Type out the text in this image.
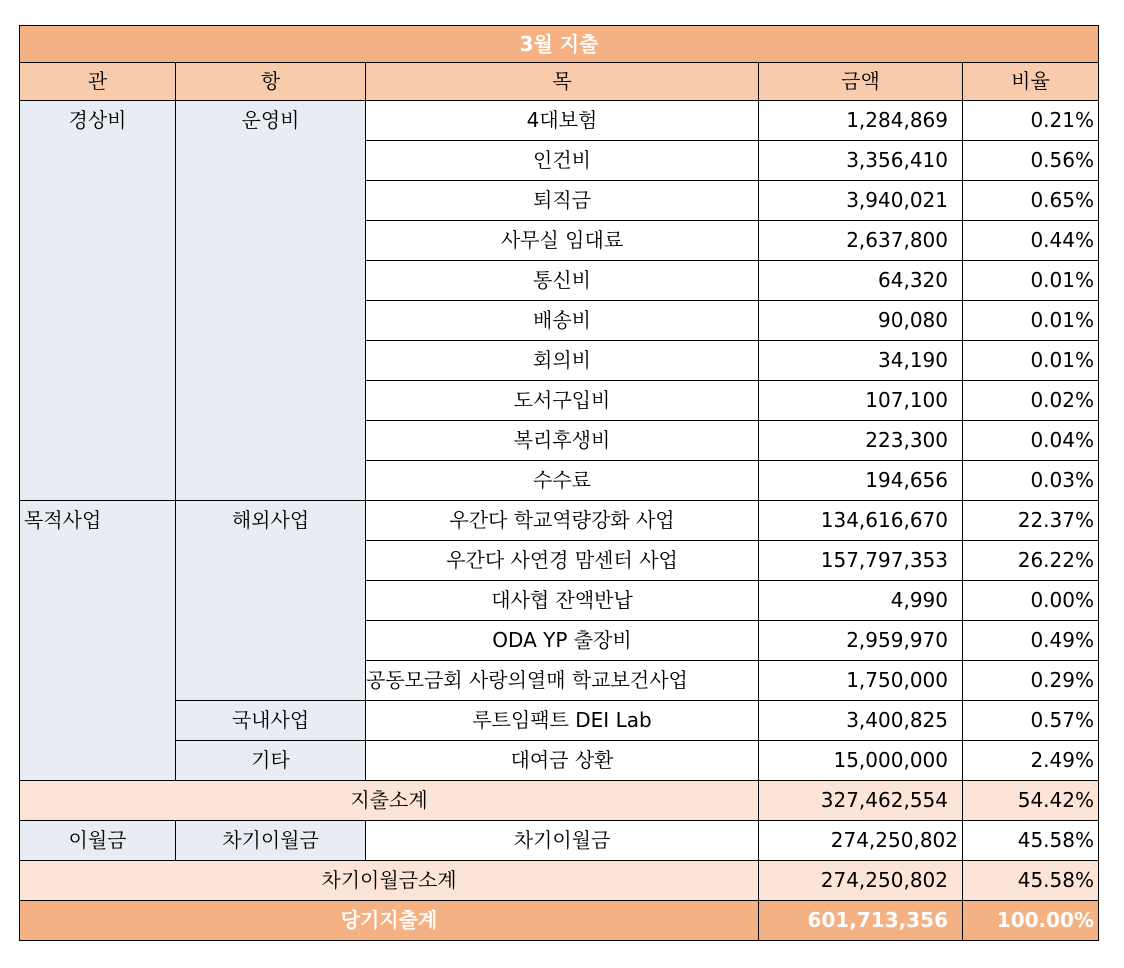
3월 지출				
관	항	목	금액	비율
경상비	운영비	4대보험	1,284,869	0.21%
		인건비	3,356,410	0.56%
		퇴직금	3,940,021	0.65%
		사무실 임대료	2,637,800	0.44%
		통신비	64,320	0.01%
		배송비	90,080	0.01%
		회의비	34,190	0.01%
		도서구입비	107,100	0.02%
		복리후생비	223,300	0.04%
		수수료	194,656	0.03%
목적사업	해외사업	우간다 학교역량강화 사업	134,616,670	22.37%
		우간다 사연경 맘센터 사업	157,797,353	26.22%
		대사협 잔액반납	4,990	0.00%
		ODA YP 출장비	2,959,970	0.49%
		공동모금회 사랑의열매 학교보건사업	1,750,000	0.29%
	국내사업	루트임팩트 DEI Lab	3,400,825	0.57%
	기타	대여금 상환	15,000,000	2.49%
지출소계			327,462,554	54.42%
이월금	차기이월금	차기이월금	274,250,802	45.58%
차기이월금소계			274,250,802	45.58%
당기지출계			601,713,356	100.00%
